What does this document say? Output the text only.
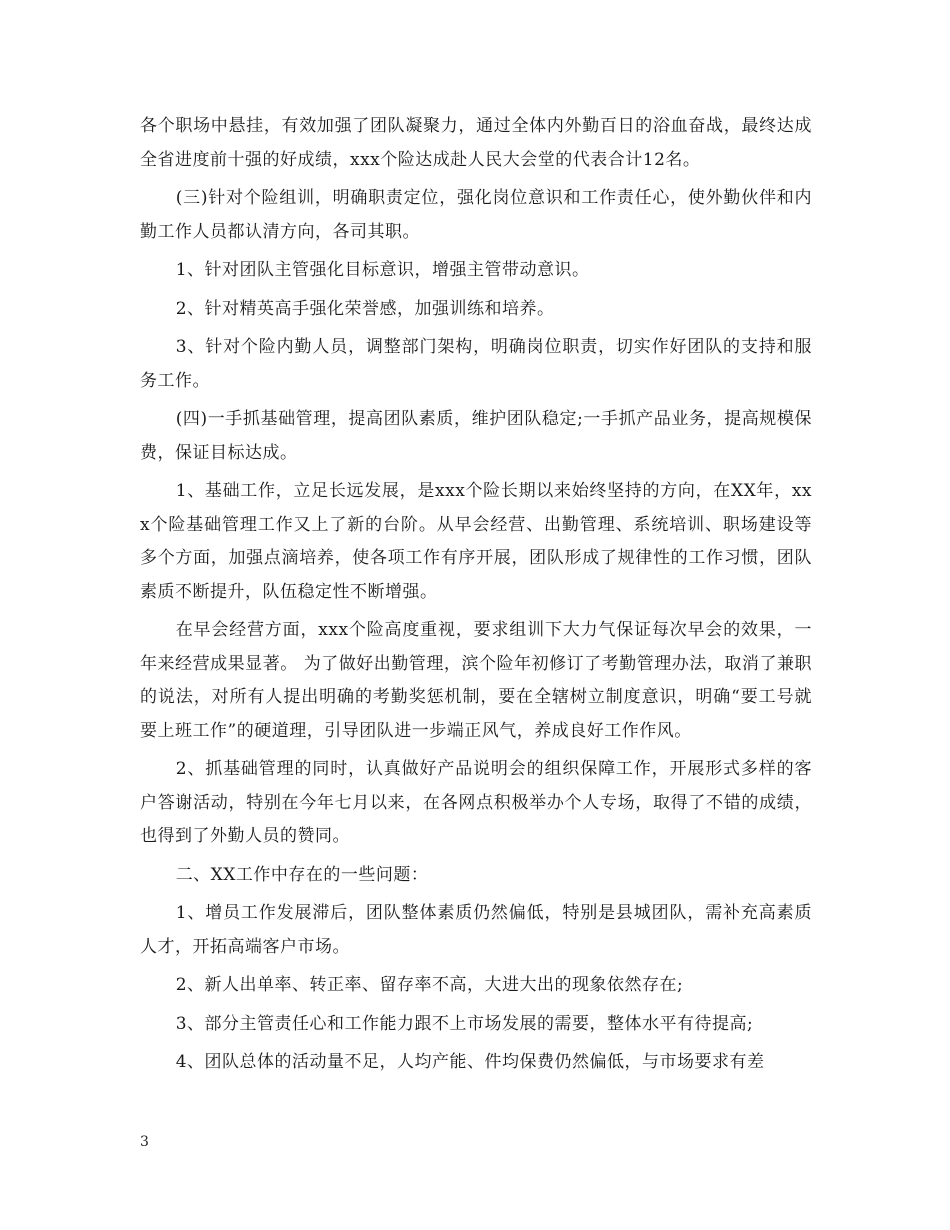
各个职场中悬挂，有效加强了团队凝聚力，通过全体内外勤百日的浴血奋战，最终达成全省进度前十强的好成绩，xxx个险达成赴人民大会堂的代表合计12名。

(三)针对个险组训，明确职责定位，强化岗位意识和工作责任心，使外勤伙伴和内勤工作人员都认清方向，各司其职。

1、针对团队主管强化目标意识，增强主管带动意识。

2、针对精英高手强化荣誉感，加强训练和培养。

3、针对个险内勤人员，调整部门架构，明确岗位职责，切实作好团队的支持和服务工作。

(四)一手抓基础管理，提高团队素质，维护团队稳定;一手抓产品业务，提高规模保费，保证目标达成。

1、基础工作，立足长远发展，是xxx个险长期以来始终坚持的方向，在XX年，xxx个险基础管理工作又上了新的台阶。从早会经营、出勤管理、系统培训、职场建设等多个方面，加强点滴培养，使各项工作有序开展，团队形成了规律性的工作习惯，团队素质不断提升，队伍稳定性不断增强。

在早会经营方面，xxx个险高度重视，要求组训下大力气保证每次早会的效果，一年来经营成果显著。 为了做好出勤管理，滨个险年初修订了考勤管理办法，取消了兼职的说法，对所有人提出明确的考勤奖惩机制，要在全辖树立制度意识，明确“要工号就要上班工作”的硬道理，引导团队进一步端正风气，养成良好工作作风。

2、抓基础管理的同时，认真做好产品说明会的组织保障工作，开展形式多样的客户答谢活动，特别在今年七月以来，在各网点积极举办个人专场，取得了不错的成绩，也得到了外勤人员的赞同。

二、XX工作中存在的一些问题：

1、增员工作发展滞后，团队整体素质仍然偏低，特别是县城团队，需补充高素质人才，开拓高端客户市场。

2、新人出单率、转正率、留存率不高，大进大出的现象依然存在;

3、部分主管责任心和工作能力跟不上市场发展的需要，整体水平有待提高;

4、团队总体的活动量不足，人均产能、件均保费仍然偏低，与市场要求有差

3
